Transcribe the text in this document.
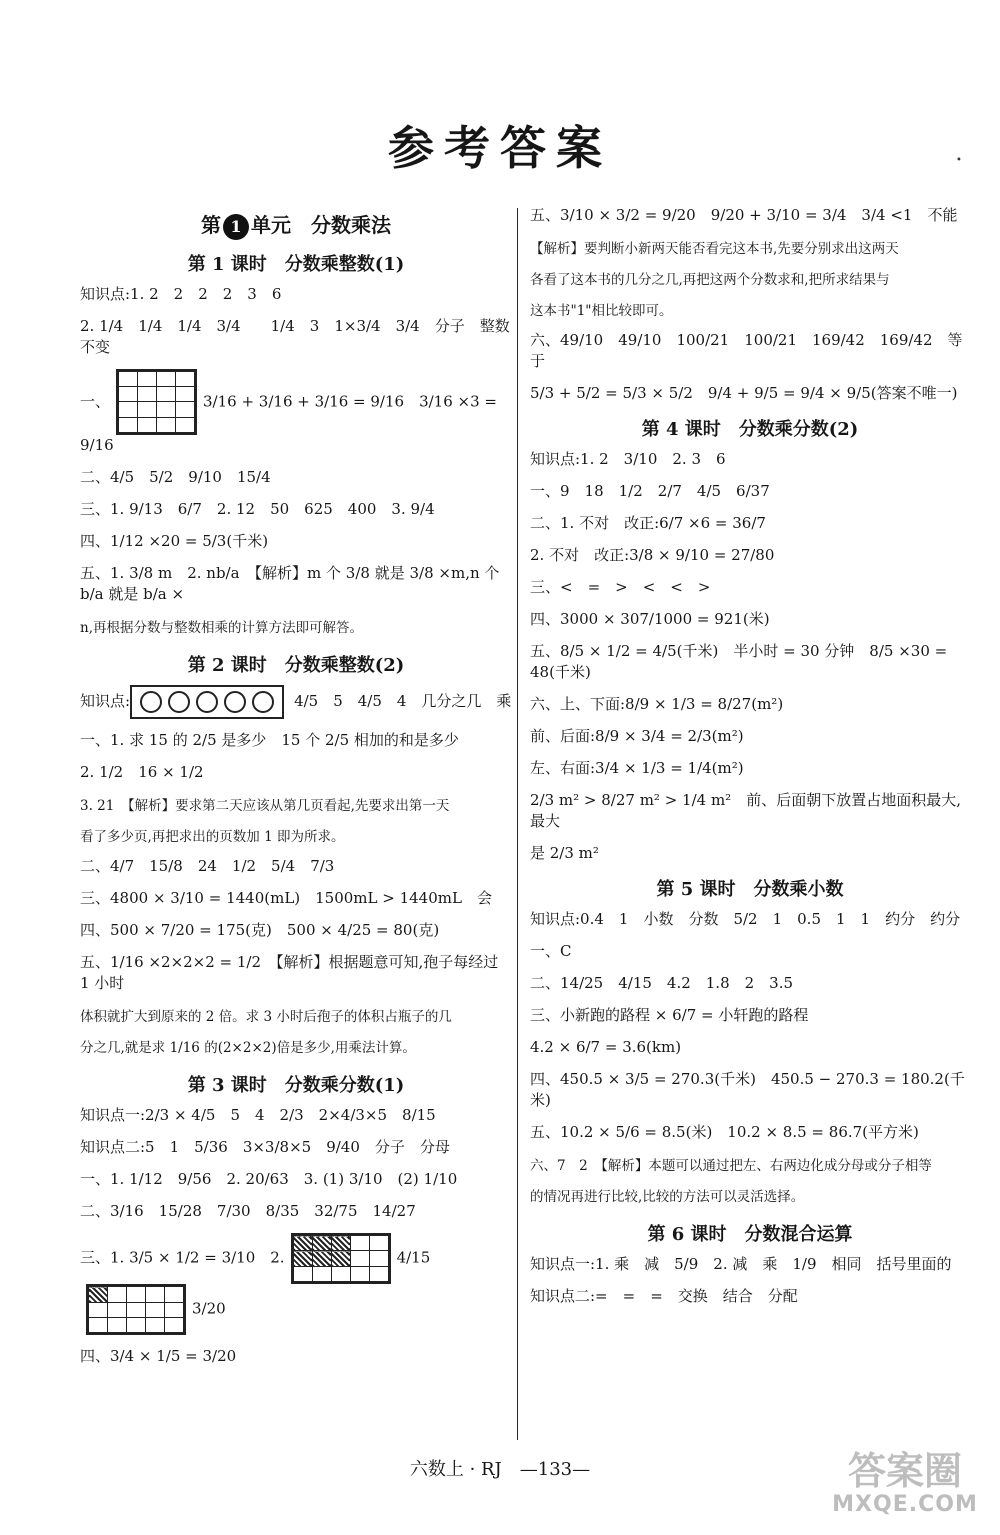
参考答案	•
第 1 单元　分数乘法
第 1 课时　分数乘整数(1)
知识点:1. 2　2　2　2　3　6
2. 1/4　1/4　1/4　3/4　　1/4　3　1×3/4　3/4　分子　整数　不变
一、			

				3/16 + 3/16 + 3/16 = 9/16　3/16 ×3 = 9/16
二、4/5　5/2　9/10　15/4
三、1. 9/13　6/7　2. 12　50　625　400　3. 9/4
四、1/12 ×20 = 5/3(千米)
五、1. 3/8 m　2. nb/a　【解析】m 个 3/8 就是 3/8 ×m,n 个 b/a 就是 b/a ×
n,再根据分数与整数相乘的计算方法即可解答。
第 2 课时　分数乘整数(2)
知识点:	4/5　5　4/5　4　几分之几　乘
一、1. 求 15 的 2/5 是多少　15 个 2/5 相加的和是多少
2. 1/2　16 × 1/2
3. 21　【解析】要求第二天应该从第几页看起,先要求出第一天
看了多少页,再把求出的页数加 1 即为所求。
二、4/7　15/8　24　1/2　5/4　7/3
三、4800 × 3/10 = 1440(mL)　1500mL > 1440mL　会
四、500 × 7/20 = 175(克)　500 × 4/25 = 80(克)
五、1/16 ×2×2×2 = 1/2　【解析】根据题意可知,孢子每经过 1 小时
体积就扩大到原来的 2 倍。求 3 小时后孢子的体积占瓶子的几
分之几,就是求 1/16 的(2×2×2)倍是多少,用乘法计算。
第 3 课时　分数乘分数(1)
知识点一:2/3 × 4/5　5　4　2/3　2×4/3×5　8/15
知识点二:5　1　5/36　3×3/8×5　9/40　分子　分母
一、1. 1/12　9/56　2. 20/63　3. (1) 3/10　(2) 1/10
二、3/16　15/28　7/30　8/35　32/75　14/27
三、1. 3/5 × 1/2 = 3/10　2.				

					4/15				

				3/20
四、3/4 × 1/5 = 3/20
五、3/10 × 3/2 = 9/20　9/20 + 3/10 = 3/4　3/4 <1　不能
【解析】要判断小新两天能否看完这本书,先要分别求出这两天
各看了这本书的几分之几,再把这两个分数求和,把所求结果与
这本书"1"相比较即可。
六、49/10　49/10　100/21　100/21　169/42　169/42　等于
5/3 + 5/2 = 5/3 × 5/2　9/4 + 9/5 = 9/4 × 9/5(答案不唯一)
第 4 课时　分数乘分数(2)
知识点:1. 2　3/10　2. 3　6
一、9　18　1/2　2/7　4/5　6/37
二、1. 不对　改正:6/7 ×6 = 36/7
2. 不对　改正:3/8 × 9/10 = 27/80
三、<　=　>　<　<　>
四、3000 × 307/1000 = 921(米)
五、8/5 × 1/2 = 4/5(千米)　半小时 = 30 分钟　8/5 ×30 = 48(千米)
六、上、下面:8/9 × 1/3 = 8/27(m²)
前、后面:8/9 × 3/4 = 2/3(m²)
左、右面:3/4 × 1/3 = 1/4(m²)
2/3 m² > 8/27 m² > 1/4 m²　前、后面朝下放置占地面积最大,最大
是 2/3 m²
第 5 课时　分数乘小数
知识点:0.4　1　小数　分数　5/2　1　0.5　1　1　约分　约分
一、C
二、14/25　4/15　4.2　1.8　2　3.5
三、小新跑的路程 × 6/7 = 小轩跑的路程
4.2 × 6/7 = 3.6(km)
四、450.5 × 3/5 = 270.3(千米)　450.5 − 270.3 = 180.2(千米)
五、10.2 × 5/6 = 8.5(米)　10.2 × 8.5 = 86.7(平方米)
六、7　2　【解析】本题可以通过把左、右两边化成分母或分子相等
的情况再进行比较,比较的方法可以灵活选择。
第 6 课时　分数混合运算
知识点一:1. 乘　减　5/9　2. 减　乘　1/9　相同　括号里面的
知识点二:=　=　=　交换　结合　分配
六数上 · RJ　—133—	答案圈
MXQE.COM
